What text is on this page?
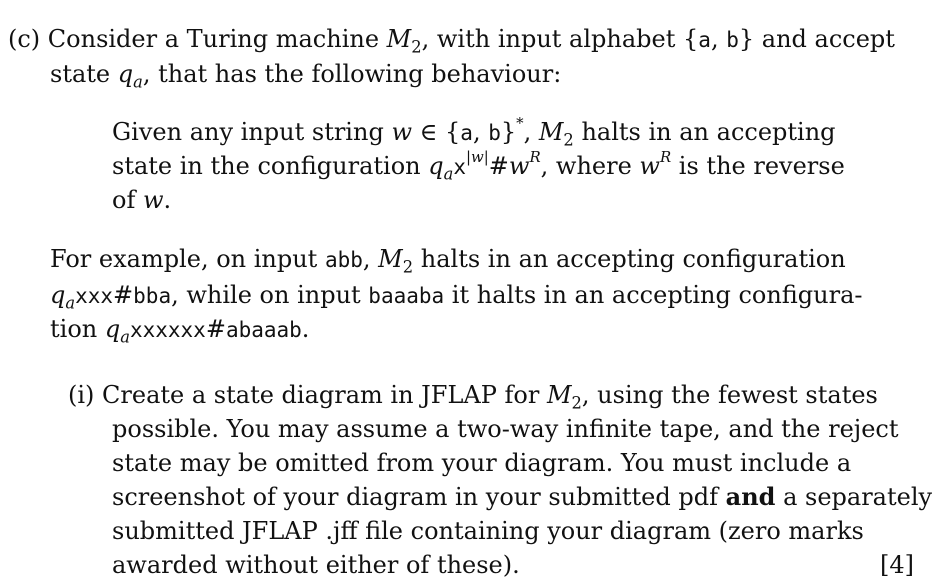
(c) Consider a Turing machine $M_2$, with input alphabet {a, b} and accept
state $q_a$, that has the following behaviour:
Given any input string w ∈ {a, b}*, $M_2$ halts in an accepting
state in the configuration $q_ax^{|w|}\#w^R$, where $w^R$ is the reverse
of w.
For example, on input abb, $M_2$ halts in an accepting configuration
$q_axxx\#bba$, while on input baaaba it halts in an accepting configura-
tion $q_axxxxxx\#abaaab$.
(i) Create a state diagram in JFLAP for $M_2$, using the fewest states
possible. You may assume a two-way infinite tape, and the reject
state may be omitted from your diagram. You must include a
screenshot of your diagram in your submitted pdf and a separately
submitted JFLAP .jff file containing your diagram (zero marks
awarded without either of these).	[4]
